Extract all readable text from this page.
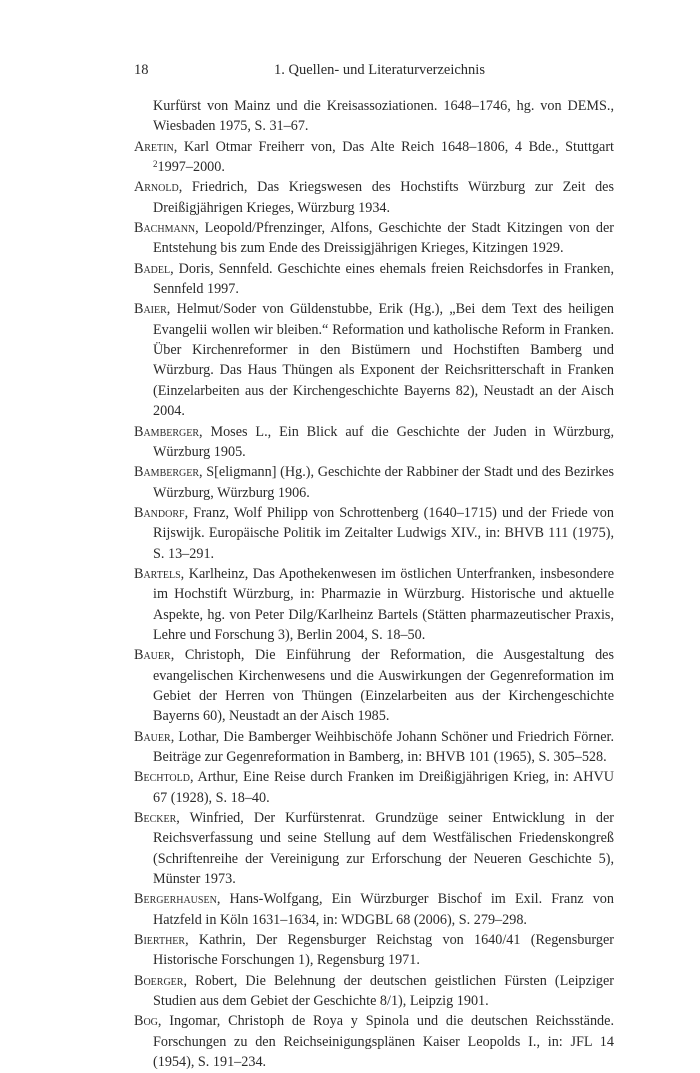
18	1. Quellen- und Literaturverzeichnis
Kurfürst von Mainz und die Kreisassoziationen. 1648–1746, hg. von DEMS., Wiesbaden 1975, S. 31–67.
Aretin, Karl Otmar Freiherr von, Das Alte Reich 1648–1806, 4 Bde., Stuttgart $^2$1997–2000.
Arnold, Friedrich, Das Kriegswesen des Hochstifts Würzburg zur Zeit des Dreißigjährigen Krieges, Würzburg 1934.
Bachmann, Leopold/Pfrenzinger, Alfons, Geschichte der Stadt Kitzingen von der Entstehung bis zum Ende des Dreissigjährigen Krieges, Kitzingen 1929.
Badel, Doris, Sennfeld. Geschichte eines ehemals freien Reichsdorfes in Franken, Sennfeld 1997.
Baier, Helmut/Soder von Güldenstubbe, Erik (Hg.), „Bei dem Text des heiligen Evangelii wollen wir bleiben.“ Reformation und katholische Reform in Franken. Über Kirchenreformer in den Bistümern und Hochstiften Bamberg und Würzburg. Das Haus Thüngen als Exponent der Reichsritterschaft in Franken (Einzelarbeiten aus der Kirchengeschichte Bayerns 82), Neustadt an der Aisch 2004.
Bamberger, Moses L., Ein Blick auf die Geschichte der Juden in Würzburg, Würzburg 1905.
Bamberger, S[eligmann] (Hg.), Geschichte der Rabbiner der Stadt und des Bezirkes Würzburg, Würzburg 1906.
Bandorf, Franz, Wolf Philipp von Schrottenberg (1640–1715) und der Friede von Rijswijk. Europäische Politik im Zeitalter Ludwigs XIV., in: BHVB 111 (1975), S. 13–291.
Bartels, Karlheinz, Das Apothekenwesen im östlichen Unterfranken, insbesondere im Hochstift Würzburg, in: Pharmazie in Würzburg. Historische und aktuelle Aspekte, hg. von Peter Dilg/Karlheinz Bartels (Stätten pharmazeutischer Praxis, Lehre und Forschung 3), Berlin 2004, S. 18–50.
Bauer, Christoph, Die Einführung der Reformation, die Ausgestaltung des evangelischen Kirchenwesens und die Auswirkungen der Gegenreformation im Gebiet der Herren von Thüngen (Einzelarbeiten aus der Kirchengeschichte Bayerns 60), Neustadt an der Aisch 1985.
Bauer, Lothar, Die Bamberger Weihbischöfe Johann Schöner und Friedrich Förner. Beiträge zur Gegenreformation in Bamberg, in: BHVB 101 (1965), S. 305–528.
Bechtold, Arthur, Eine Reise durch Franken im Dreißigjährigen Krieg, in: AHVU 67 (1928), S. 18–40.
Becker, Winfried, Der Kurfürstenrat. Grundzüge seiner Entwicklung in der Reichsverfassung und seine Stellung auf dem Westfälischen Friedenskongreß (Schriftenreihe der Vereinigung zur Erforschung der Neueren Geschichte 5), Münster 1973.
Bergerhausen, Hans-Wolfgang, Ein Würzburger Bischof im Exil. Franz von Hatzfeld in Köln 1631–1634, in: WDGBL 68 (2006), S. 279–298.
Bierther, Kathrin, Der Regensburger Reichstag von 1640/41 (Regensburger Historische Forschungen 1), Regensburg 1971.
Boerger, Robert, Die Belehnung der deutschen geistlichen Fürsten (Leipziger Studien aus dem Gebiet der Geschichte 8/1), Leipzig 1901.
Bog, Ingomar, Christoph de Roya y Spinola und die deutschen Reichsstände. Forschungen zu den Reichseinigungsplänen Kaiser Leopolds I., in: JFL 14 (1954), S. 191–234.
